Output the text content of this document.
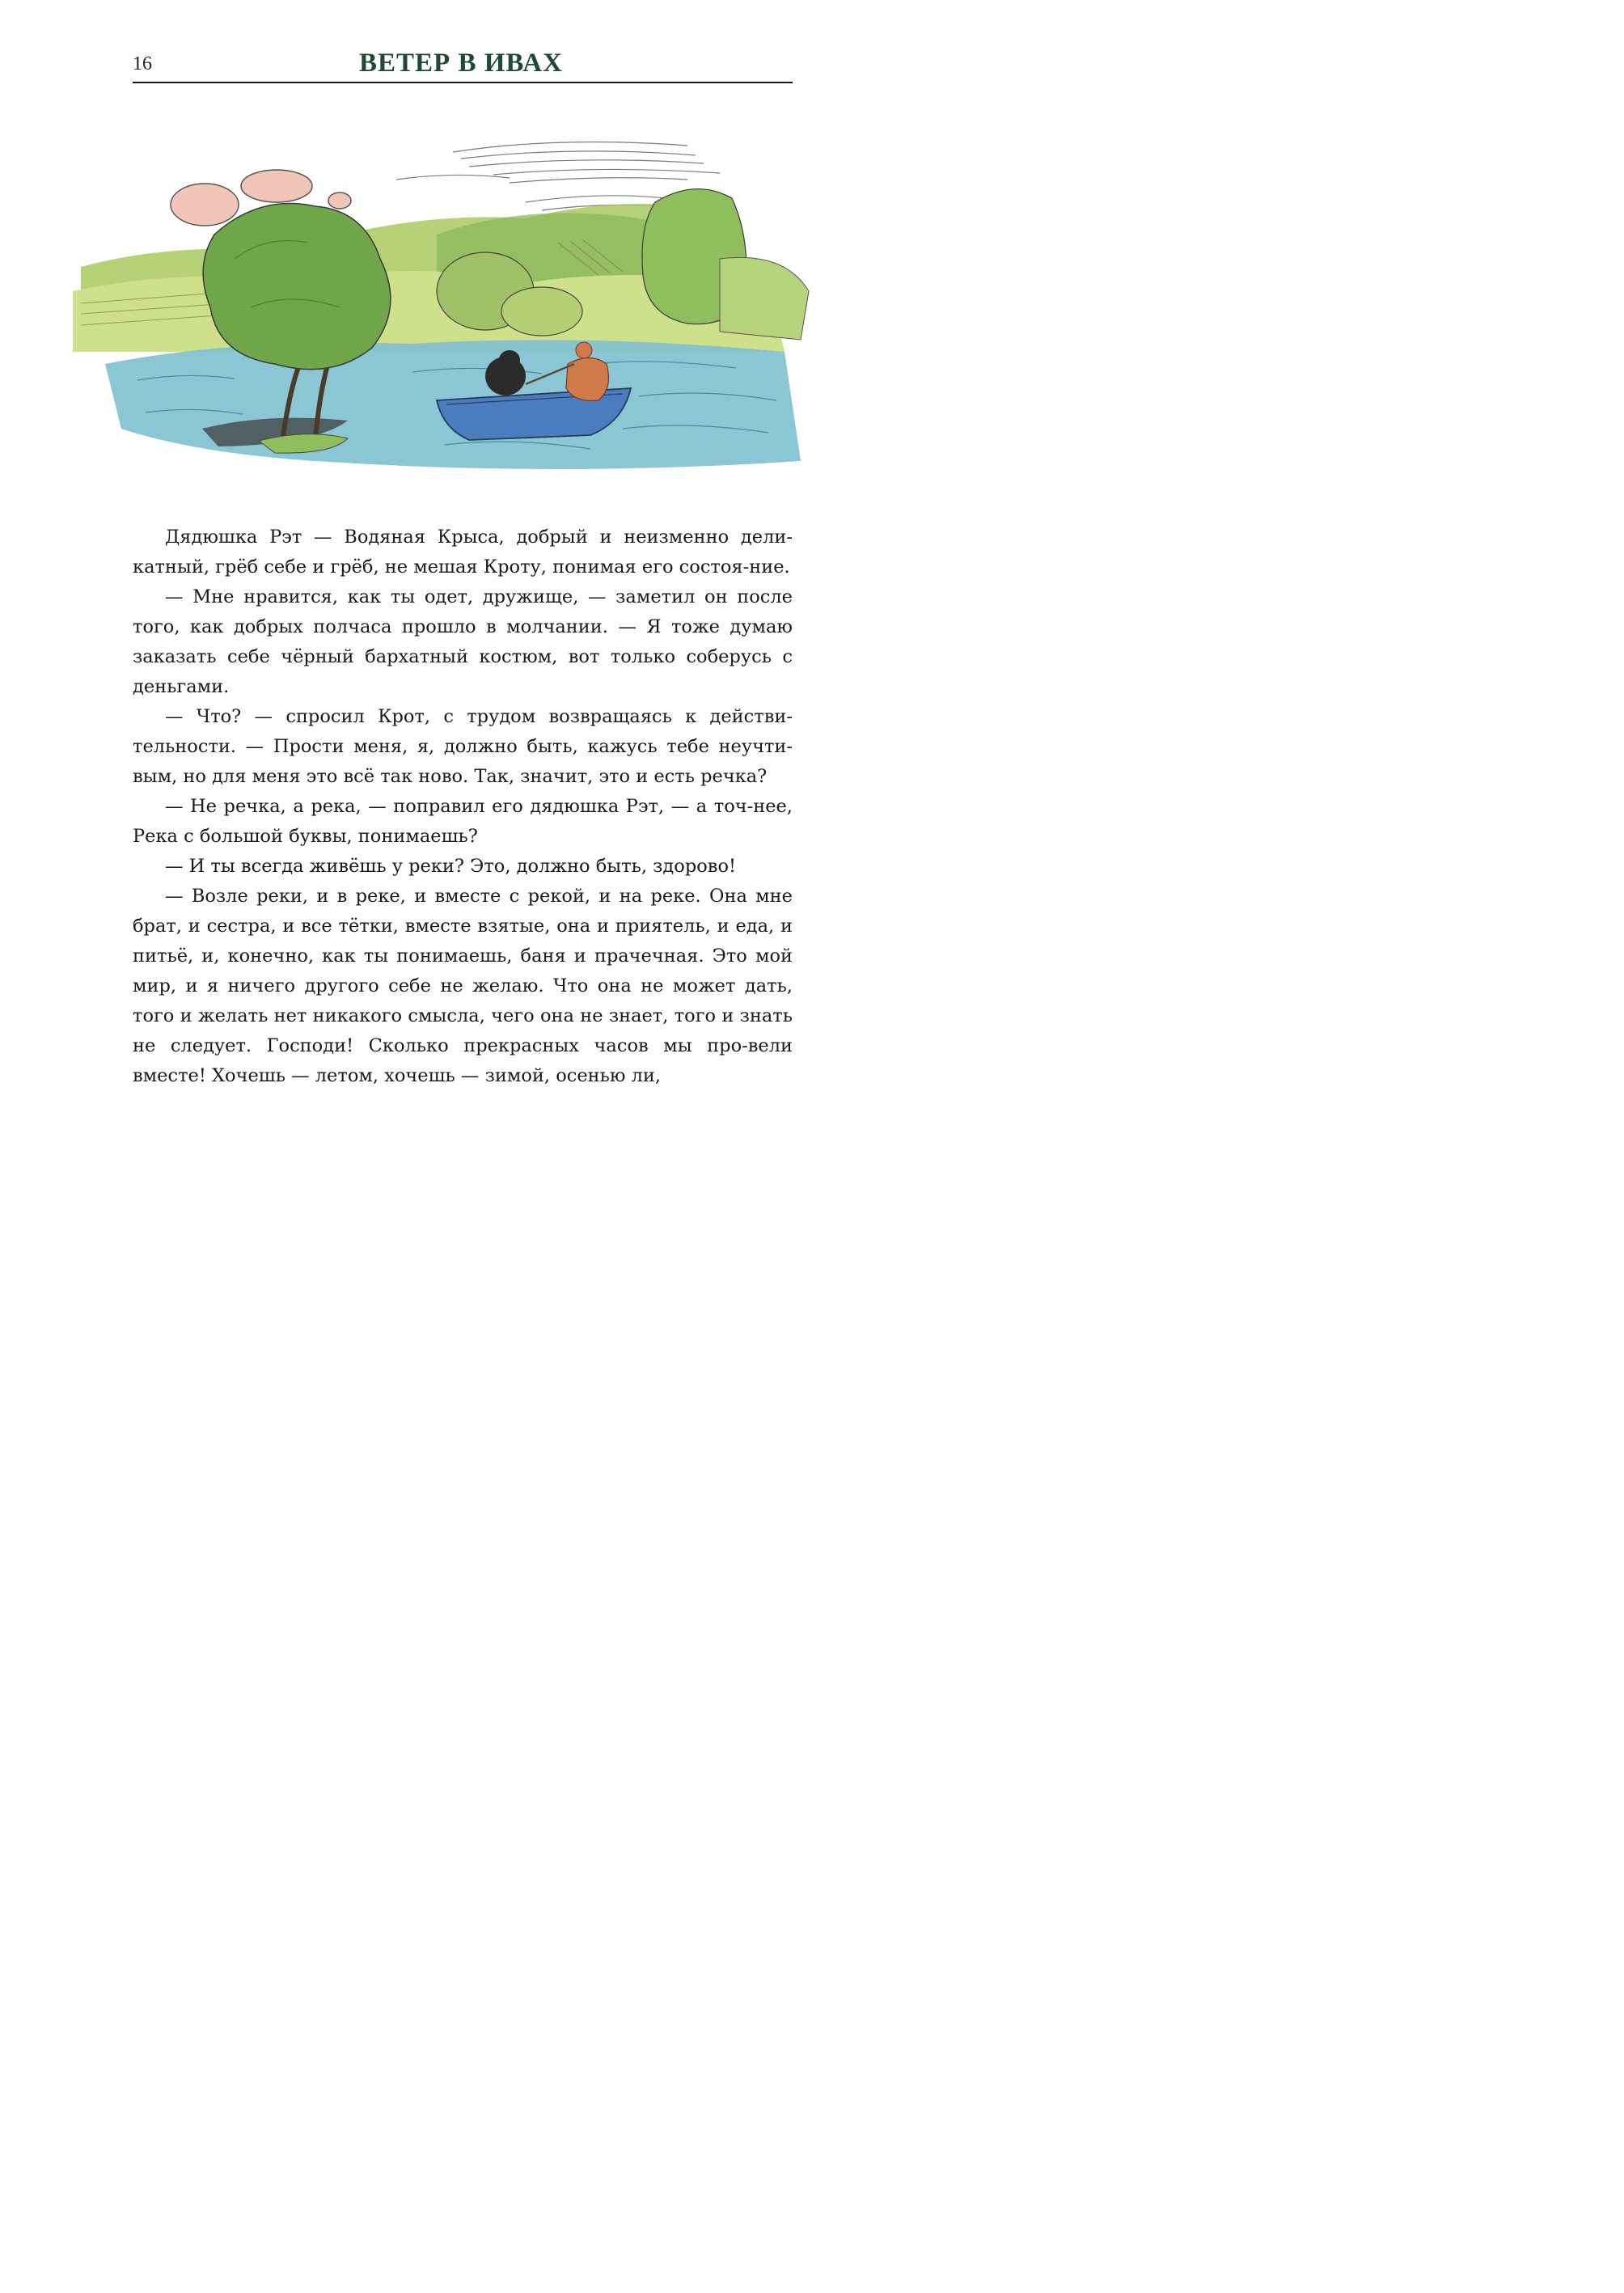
16	ВЕТЕР В ИВАХ

Дядюшка Рэт — Водяная Крыса, добрый и неизменно дели-катный, грёб себе и грёб, не мешая Кроту, понимая его состоя-ние.

— Мне нравится, как ты одет, дружище, — заметил он после того, как добрых полчаса прошло в молчании. — Я тоже думаю заказать себе чёрный бархатный костюм, вот только соберусь с деньгами.

— Что? — спросил Крот, с трудом возвращаясь к действи-тельности. — Прости меня, я, должно быть, кажусь тебе неучти-вым, но для меня это всё так ново. Так, значит, это и есть речка?

— Не речка, а река, — поправил его дядюшка Рэт, — а точ-нее, Река с большой буквы, понимаешь?

— И ты всегда живёшь у реки? Это, должно быть, здорово!

— Возле реки, и в реке, и вместе с рекой, и на реке. Она мне брат, и сестра, и все тётки, вместе взятые, она и приятель, и еда, и питьё, и, конечно, как ты понимаешь, баня и прачечная. Это мой мир, и я ничего другого себе не желаю. Что она не может дать, того и желать нет никакого смысла, чего она не знает, того и знать не следует. Господи! Сколько прекрасных часов мы про-вели вместе! Хочешь — летом, хочешь — зимой, осенью ли,
